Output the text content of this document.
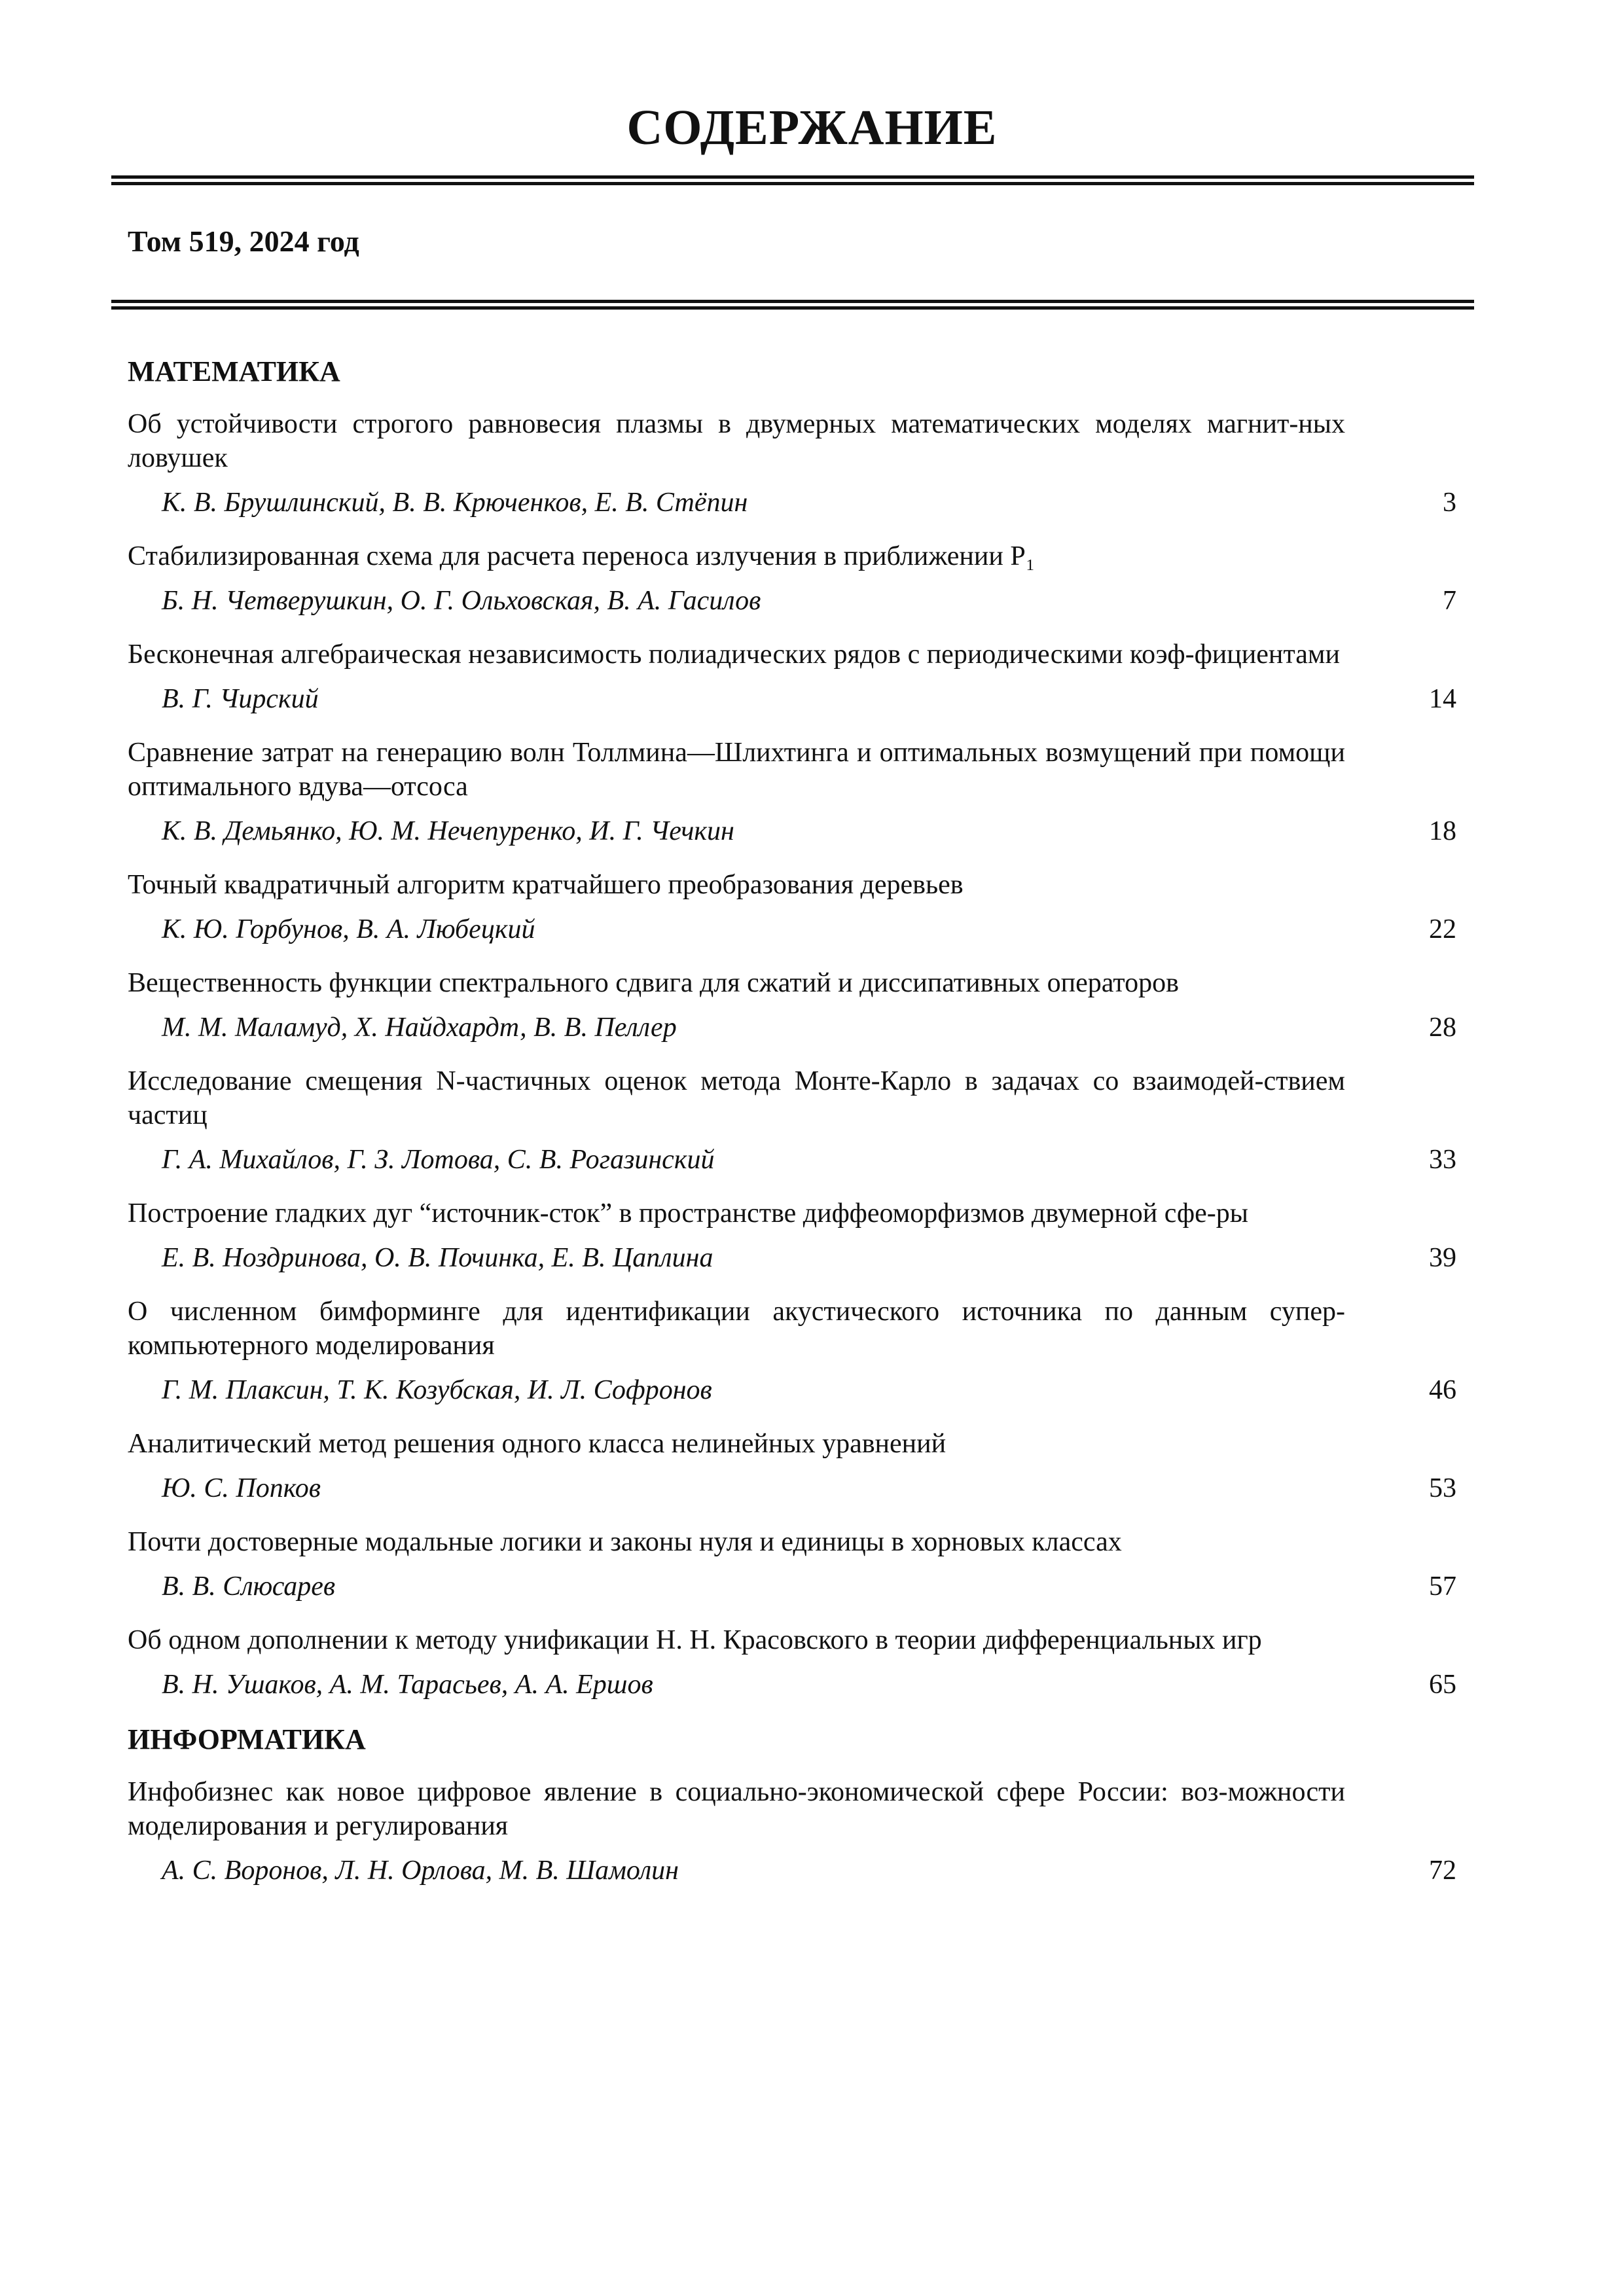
СОДЕРЖАНИЕ
Том 519, 2024 год
МАТЕМАТИКА
Об устойчивости строгого равновесия плазмы в двумерных математических моделях магнит-ных ловушек
К. В. Брушлинский, В. В. Крюченков, Е. В. Стёпин	3
Стабилизированная схема для расчета переноса излучения в приближении P₁
Б. Н. Четверушкин, О. Г. Ольховская, В. А. Гасилов	7
Бесконечная алгебраическая независимость полиадических рядов с периодическими коэф-фициентами
В. Г. Чирский	14
Сравнение затрат на генерацию волн Толлмина—Шлихтинга и оптимальных возмущений при помощи оптимального вдува—отсоса
К. В. Демьянко, Ю. М. Нечепуренко, И. Г. Чечкин	18
Точный квадратичный алгоритм кратчайшего преобразования деревьев
К. Ю. Горбунов, В. А. Любецкий	22
Вещественность функции спектрального сдвига для сжатий и диссипативных операторов
М. М. Маламуд, Х. Найдхардт, В. В. Пеллер	28
Исследование смещения N-частичных оценок метода Монте-Карло в задачах со взаимодей-ствием частиц
Г. А. Михайлов, Г. З. Лотова, С. В. Рогазинский	33
Построение гладких дуг “источник-сток” в пространстве диффеоморфизмов двумерной сфе-ры
Е. В. Ноздринова, О. В. Починка, Е. В. Цаплина	39
О численном бимформинге для идентификации акустического источника по данным супер-компьютерного моделирования
Г. М. Плаксин, Т. К. Козубская, И. Л. Софронов	46
Аналитический метод решения одного класса нелинейных уравнений
Ю. С. Попков	53
Почти достоверные модальные логики и законы нуля и единицы в хорновых классах
В. В. Слюсарев	57
Об одном дополнении к методу унификации Н. Н. Красовского в теории дифференциальных игр
В. Н. Ушаков, А. М. Тарасьев, А. А. Ершов	65
ИНФОРМАТИКА
Инфобизнес как новое цифровое явление в социально-экономической сфере России: воз-можности моделирования и регулирования
А. С. Воронов, Л. Н. Орлова, М. В. Шамолин	72
